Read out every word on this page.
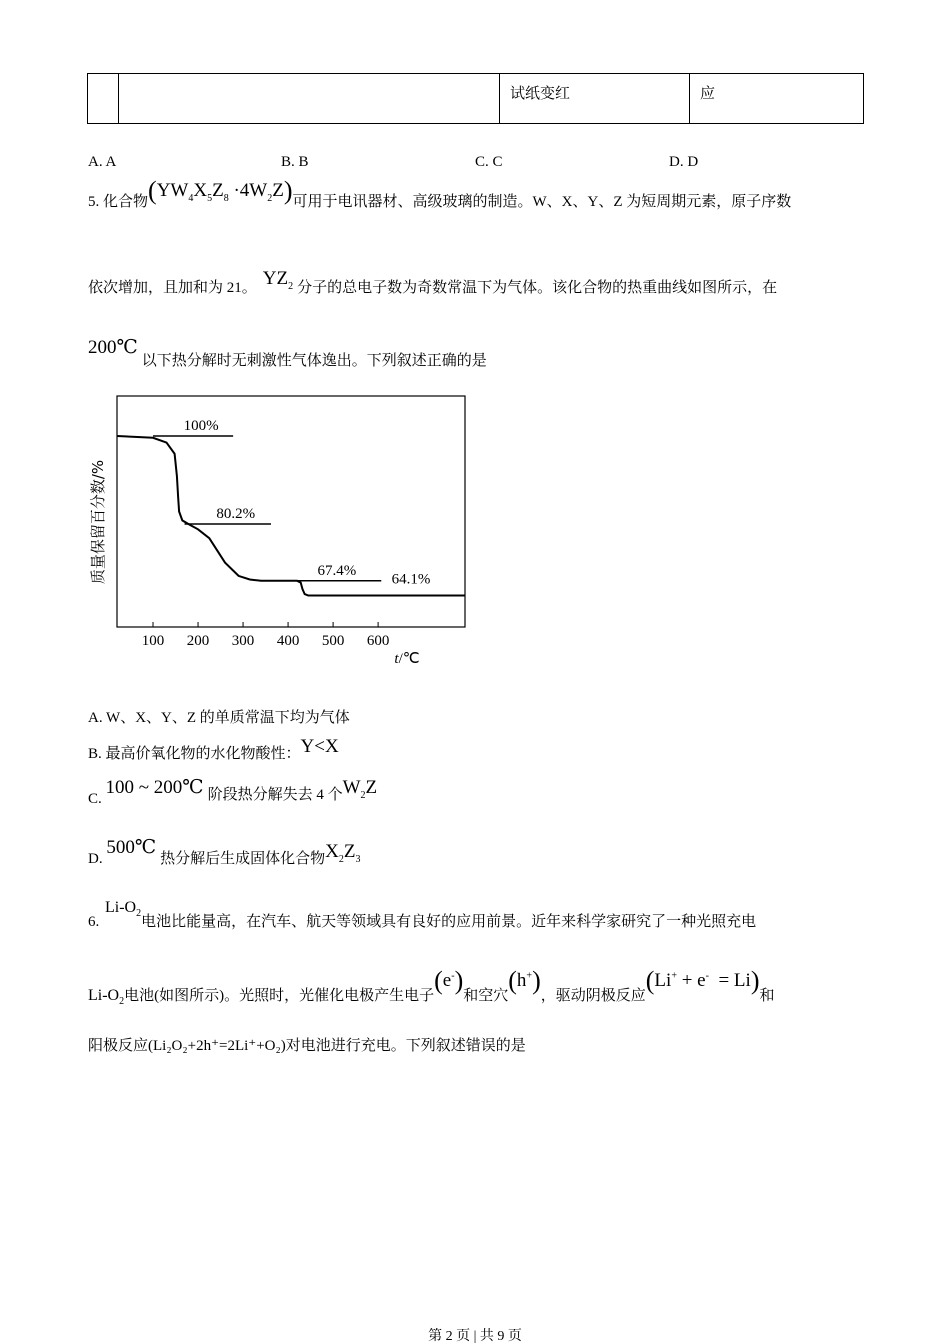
		试纸变红	应
A. A	B. B	C. C	D. D
5. 化合物$(YW_4X_5Z_8 \cdot 4W_2Z)$可用于电讯器材、高级玻璃的制造。W、X、Y、Z 为短周期元素，原子序数
依次增加，且加和为 21。 $YZ_2$ 分子的总电子数为奇数常温下为气体。该化合物的热重曲线如图所示，在
200℃以下热分解时无刺激性气体逸出。下列叙述正确的是
100 200 300 400 500 600
100%
80.2%
67.4%
64.1%
t/℃
质量保留百分数/%
A. W、X、Y、Z 的单质常温下均为气体
B. 最高价氧化物的水化物酸性：Y<X
C. 100 ~ 200℃ 阶段热分解失去 4 个$W_2Z$
D. 500℃热分解后生成固体化合物$X_2Z_3$
6. $Li-O_2$电池比能量高，在汽车、航天等领域具有良好的应用前景。近年来科学家研究了一种光照充电
$Li-O_2$电池(如图所示)。光照时，光催化电极产生电子(e-)和空穴(h+)，驱动阴极反应(Li+ + e-  = Li)和
阳极反应(Li₂O₂+2h⁺=2Li⁺+O₂)对电池进行充电。下列叙述错误的是
第 2 页 | 共 9 页
